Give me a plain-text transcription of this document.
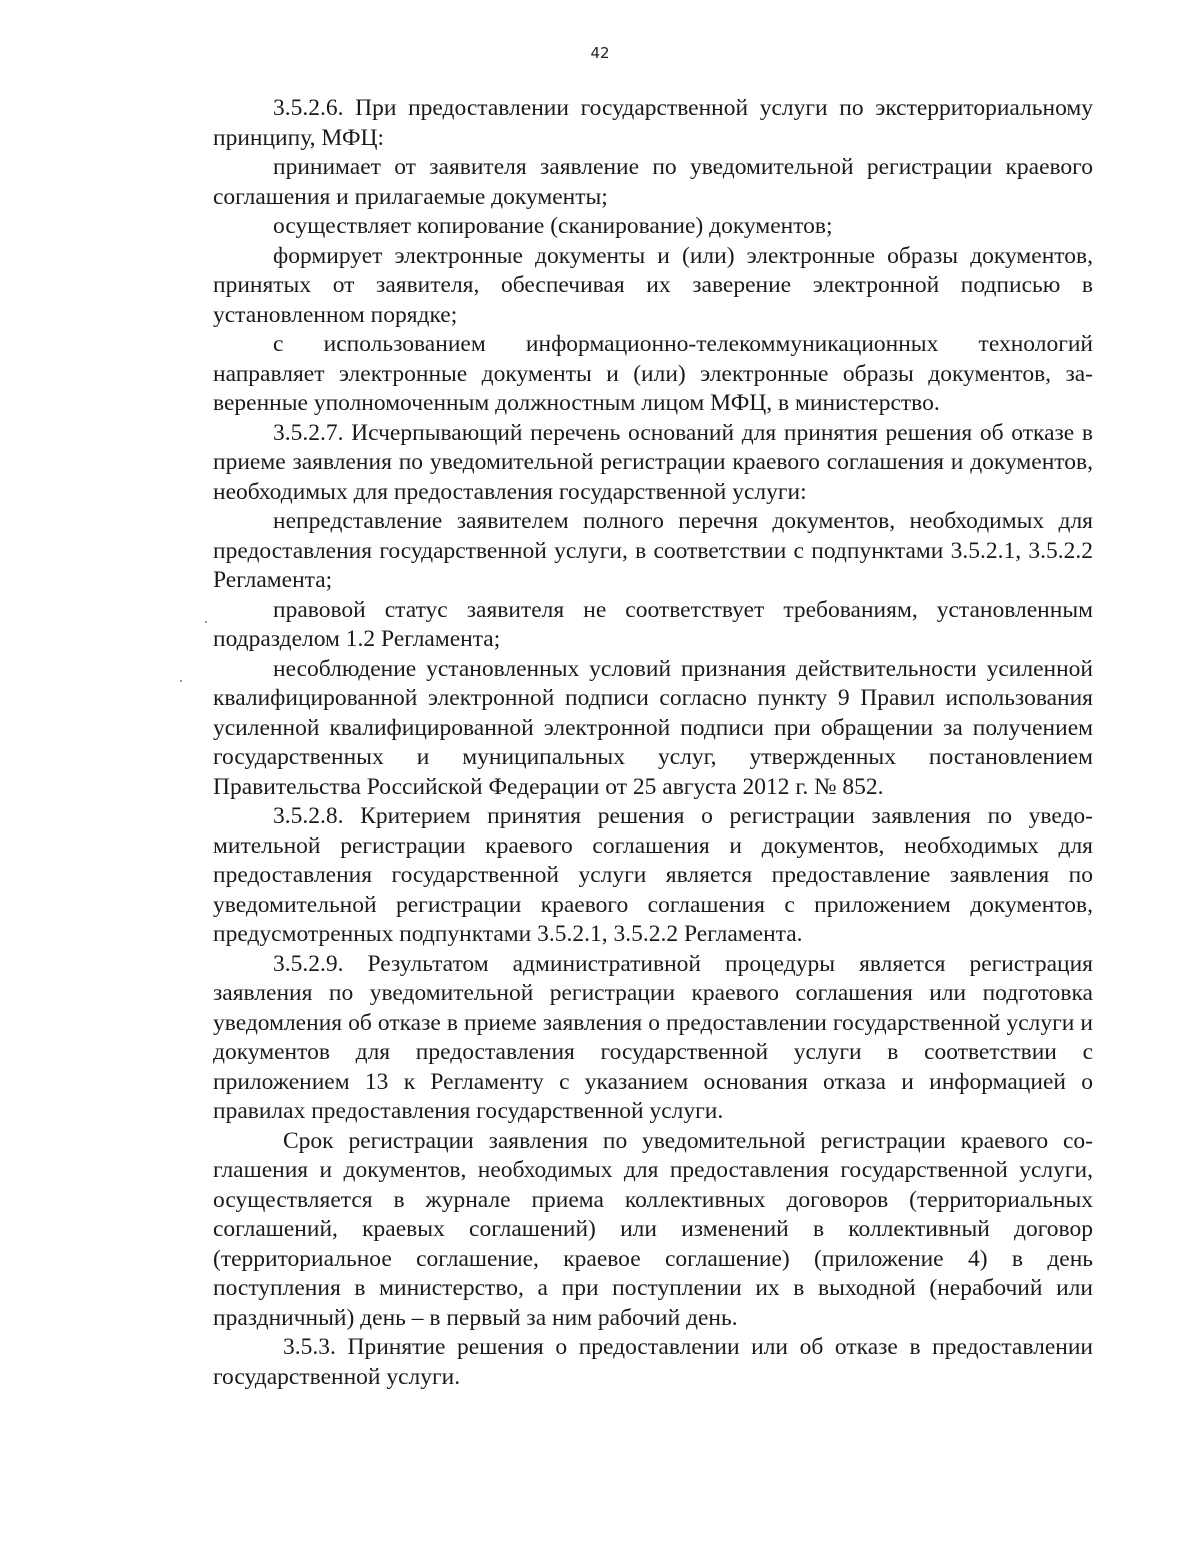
42

3.5.2.6. При предоставлении государственной услуги по экстерриториальному принципу, МФЦ:

принимает от заявителя заявление по уведомительной регистрации краевого соглашения и прилагаемые документы;

осуществляет копирование (сканирование) документов;

формирует электронные документы и (или) электронные образы документов, принятых от заявителя, обеспечивая их заверение электронной подписью в установленном порядке;

с использованием информационно-телекоммуникационных технологий направляет электронные документы и (или) электронные образы документов, заверенные уполномоченным должностным лицом МФЦ, в министерство.

3.5.2.7. Исчерпывающий перечень оснований для принятия решения об отказе в приеме заявления по уведомительной регистрации краевого соглашения и документов, необходимых для предоставления государственной услуги:

непредставление заявителем полного перечня документов, необходимых для предоставления государственной услуги, в соответствии с подпунктами 3.5.2.1, 3.5.2.2 Регламента;

правовой статус заявителя не соответствует требованиям, установленным подразделом 1.2 Регламента;

несоблюдение установленных условий признания действительности усиленной квалифицированной электронной подписи согласно пункту 9 Правил использования усиленной квалифицированной электронной подписи при обращении за получением государственных и муниципальных услуг, утвержденных постановлением Правительства Российской Федерации от 25 августа 2012 г. № 852.

3.5.2.8. Критерием принятия решения о регистрации заявления по уведомительной регистрации краевого соглашения и документов, необходимых для предоставления государственной услуги является предоставление заявления по уведомительной регистрации краевого соглашения с приложением документов, предусмотренных подпунктами 3.5.2.1, 3.5.2.2 Регламента.

3.5.2.9. Результатом административной процедуры является регистрация заявления по уведомительной регистрации краевого соглашения или подготовка уведомления об отказе в приеме заявления о предоставлении государственной услуги и документов для предоставления государственной услуги в соответствии с приложением 13 к Регламенту с указанием основания отказа и информацией о правилах предоставления государственной услуги.

Срок регистрации заявления по уведомительной регистрации краевого соглашения и документов, необходимых для предоставления государственной услуги, осуществляется в журнале приема коллективных договоров (территориальных соглашений, краевых соглашений) или изменений в коллективный договор (территориальное соглашение, краевое соглашение) (приложение 4) в день поступления в министерство, а при поступлении их в выходной (нерабочий или праздничный) день – в первый за ним рабочий день.

3.5.3. Принятие решения о предоставлении или об отказе в предоставлении государственной услуги.
